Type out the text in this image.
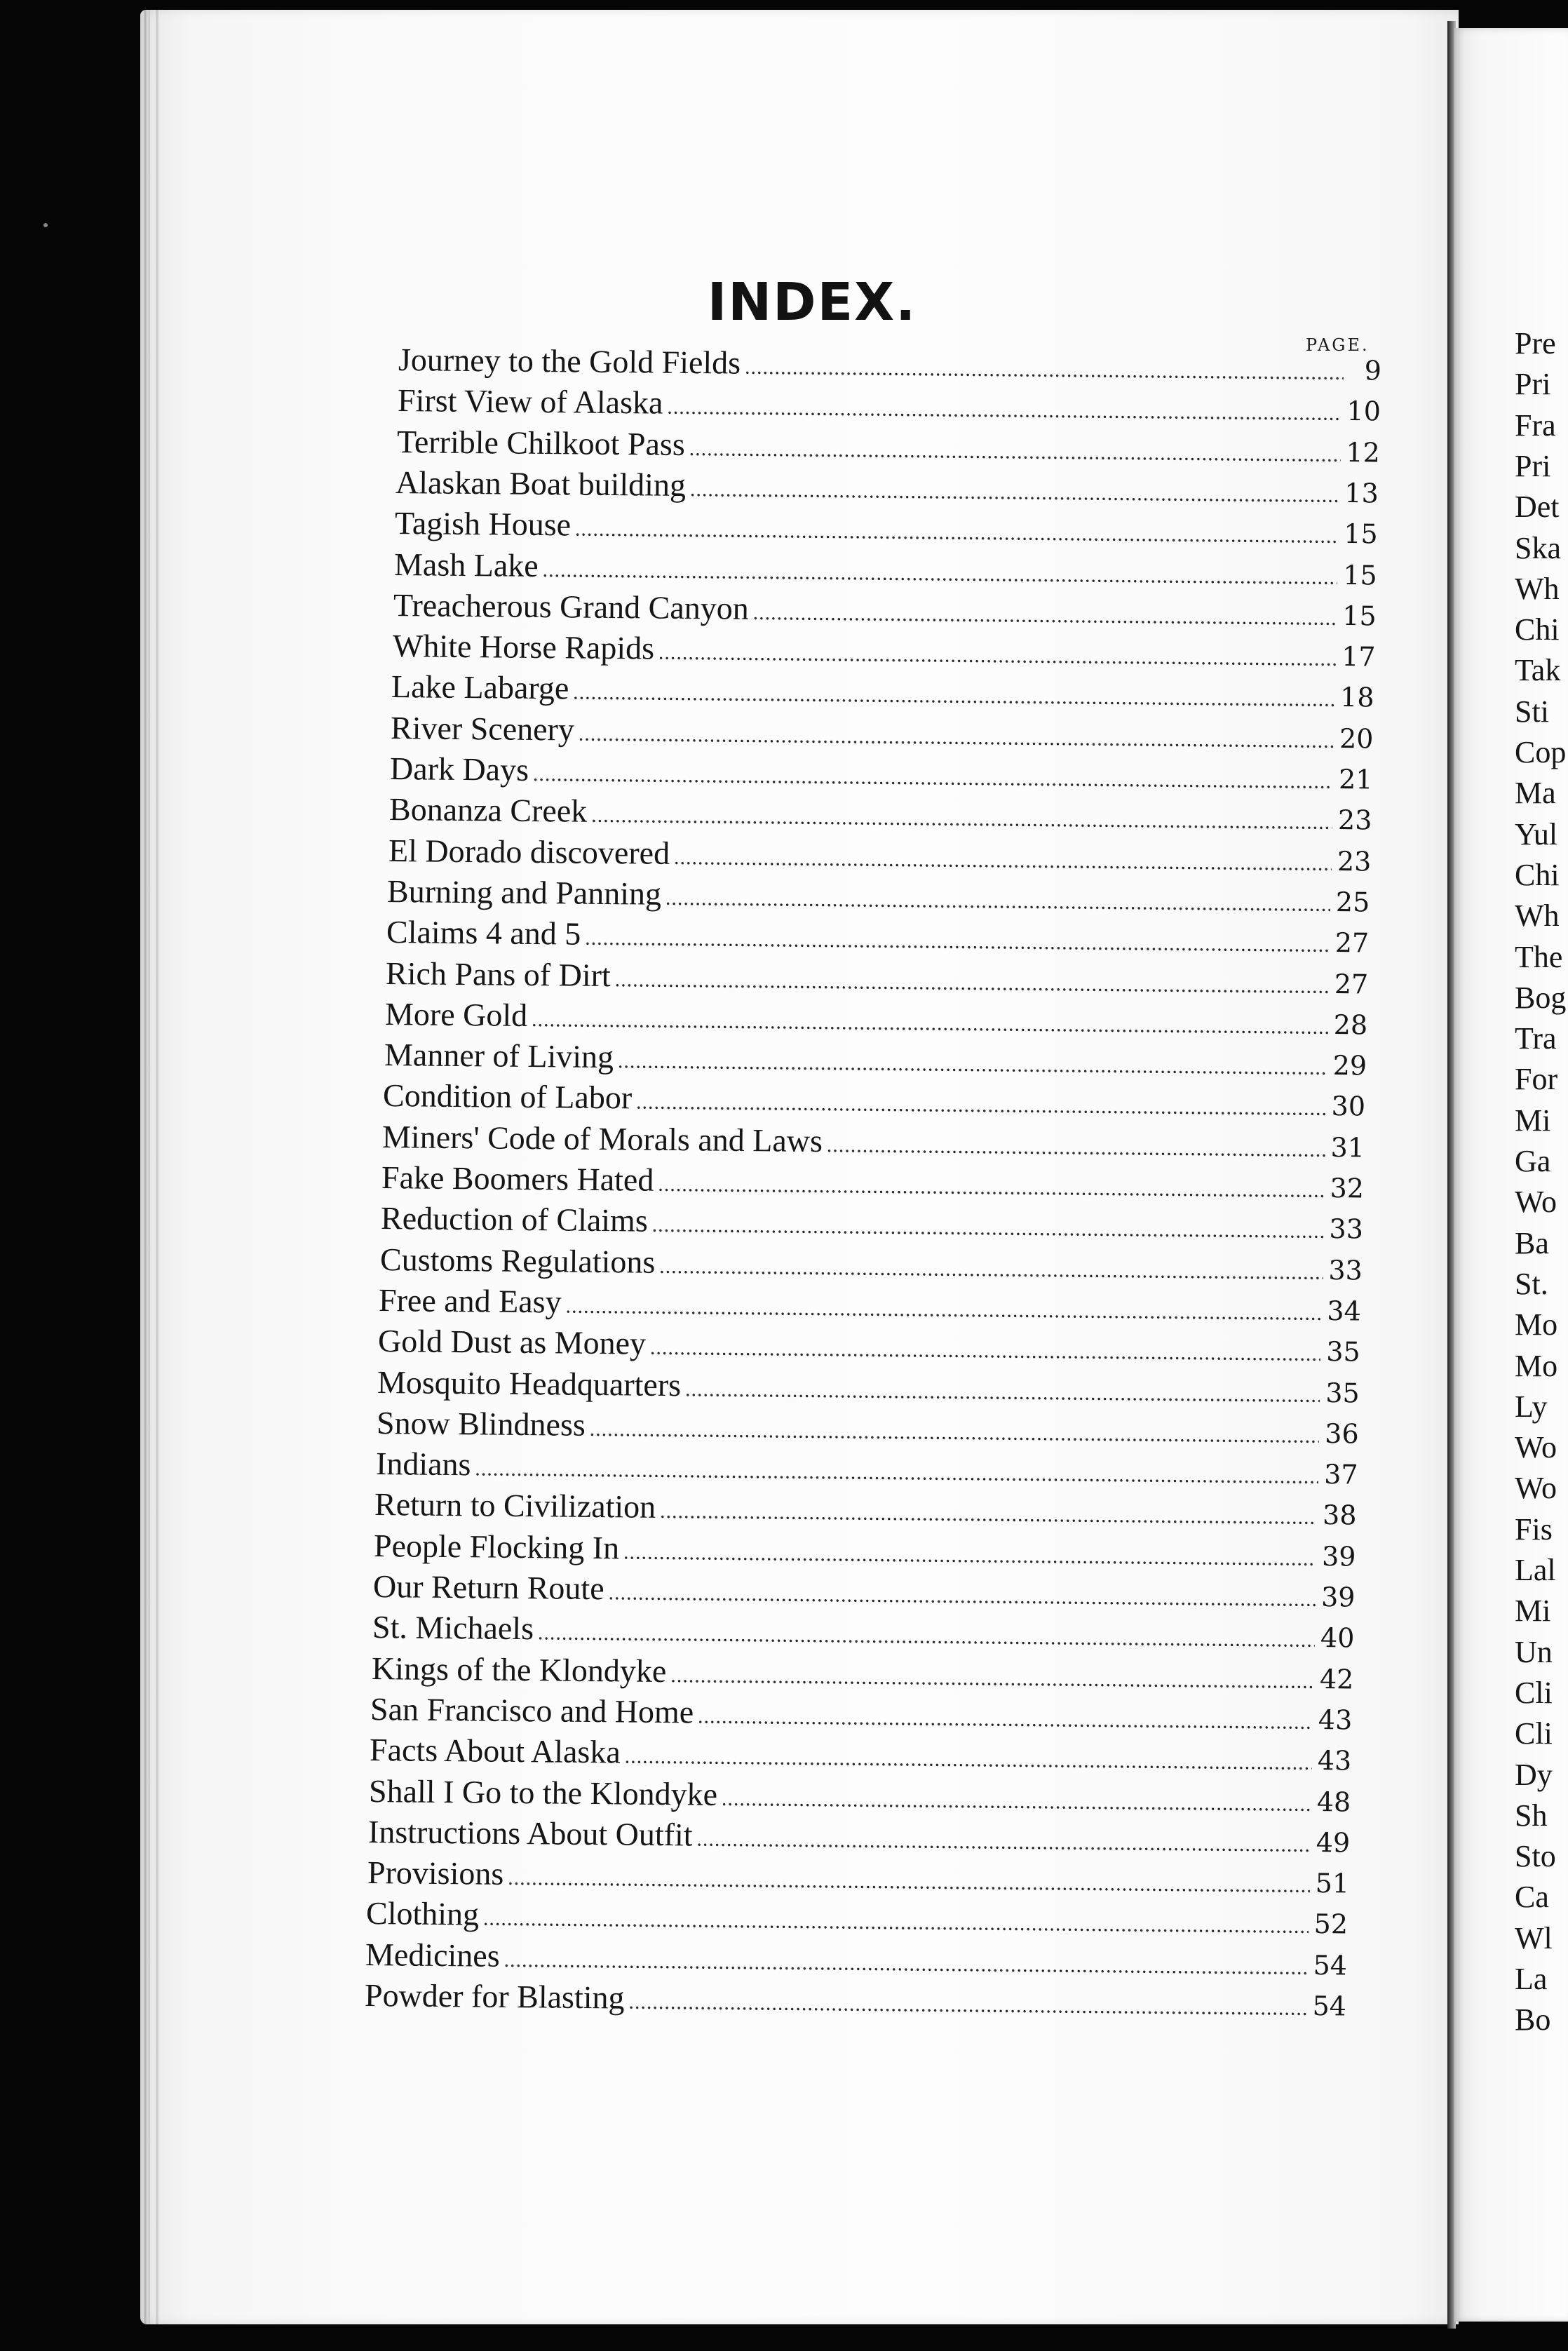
INDEX.
PAGE.
Journey to the Gold Fields .....	9
First View of Alaska .....	10
Terrible Chilkoot Pass .....	12
Alaskan Boat building .....	13
Tagish House .....	15
Mash Lake .....	15
Treacherous Grand Canyon .....	15
White Horse Rapids .....	17
Lake Labarge .....	18
River Scenery .....	20
Dark Days .....	21
Bonanza Creek .....	23
El Dorado discovered .....	23
Burning and Panning .....	25
Claims 4 and 5 .....	27
Rich Pans of Dirt .....	27
More Gold .....	28
Manner of Living .....	29
Condition of Labor .....	30
Miners' Code of Morals and Laws .....	31
Fake Boomers Hated .....	32
Reduction of Claims .....	33
Customs Regulations .....	33
Free and Easy .....	34
Gold Dust as Money .....	35
Mosquito Headquarters .....	35
Snow Blindness .....	36
Indians .....	37
Return to Civilization .....	38
People Flocking In .....	39
Our Return Route .....	39
St. Michaels .....	40
Kings of the Klondyke .....	42
San Francisco and Home .....	43
Facts About Alaska .....	43
Shall I Go to the Klondyke .....	48
Instructions About Outfit .....	49
Provisions .....	51
Clothing .....	52
Medicines .....	54
Powder for Blasting .....	54
Pre
Pri
Fra
Pri
Det
Ska
Wh
Chi
Tak
Sti
Cop
Ma
Yul
Chi
Wh
The
Bog
Tra
For
Mi
Ga
Wo
Ba
St.
Mo
Mo
Ly
Wo
Wo
Fis
Lal
Mi
Un
Cli
Cli
Dy
Sh
Sto
Ca
Wl
La
Bo
